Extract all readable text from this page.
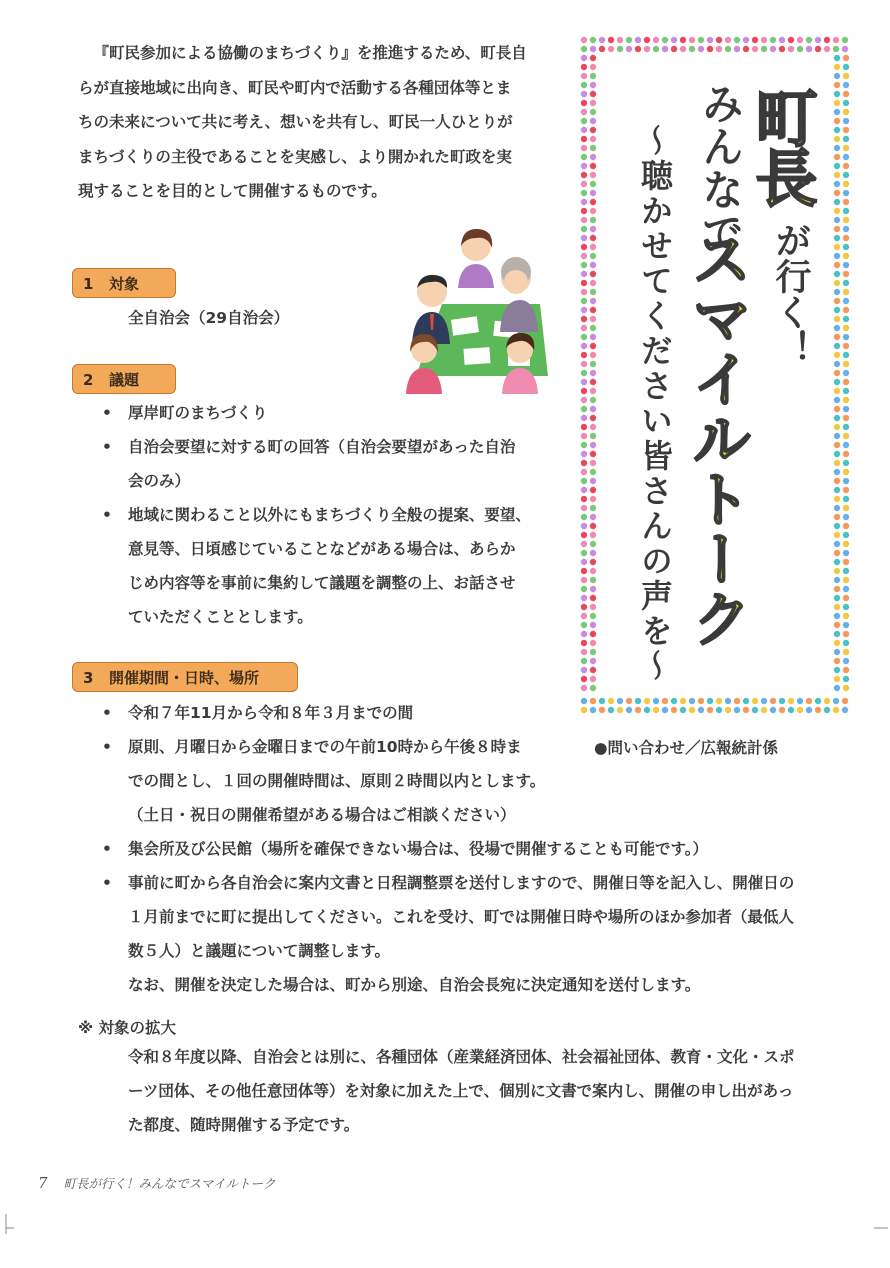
『町民参加による協働のまちづくり』を推進するため、町長自

らが直接地域に出向き、町民や町内で活動する各種団体等とま
ちの未来について共に考え、想いを共有し、町民一人ひとりが
まちづくりの主役であることを実感し、より開かれた町政を実
現することを目的として開催するものです。
1 対象
全自治会（29自治会）
2 議題
• 厚岸町のまちづくり
• 自治会要望に対する町の回答（自治会要望があった自治
会のみ）
• 地域に関わること以外にもまちづくり全般の提案、要望、
意見等、日頃感じていることなどがある場合は、あらか
じめ内容等を事前に集約して議題を調整の上、お話させ
ていただくこととします。
3 開催期間・日時、場所
• 令和７年11月から令和８年３月までの間
• 原則、月曜日から金曜日までの午前10時から午後８時ま
での間とし、１回の開催時間は、原則２時間以内とします。
（土日・祝日の開催希望がある場合はご相談ください）
• 集会所及び公民館（場所を確保できない場合は、役場で開催することも可能です。）
• 事前に町から各自治会に案内文書と日程調整票を送付しますので、開催日等を記入し、開催日の
１月前までに町に提出してください。これを受け、町では開催日時や場所のほか参加者（最低人
数５人）と議題について調整します。
なお、開催を決定した場合は、町から別途、自治会長宛に決定通知を送付します。
町長
が行く！
みんなで
スマイルトーク
～聴かせてください皆さんの声を～
●問い合わせ／広報統計係
※ 対象の拡大
令和８年度以降、自治会とは別に、各種団体（産業経済団体、社会福祉団体、教育・文化・スポ
ーツ団体、その他任意団体等）を対象に加えた上で、個別に文書で案内し、開催の申し出があっ
た都度、随時開催する予定です。
7 町長が行く！みんなでスマイルトーク
